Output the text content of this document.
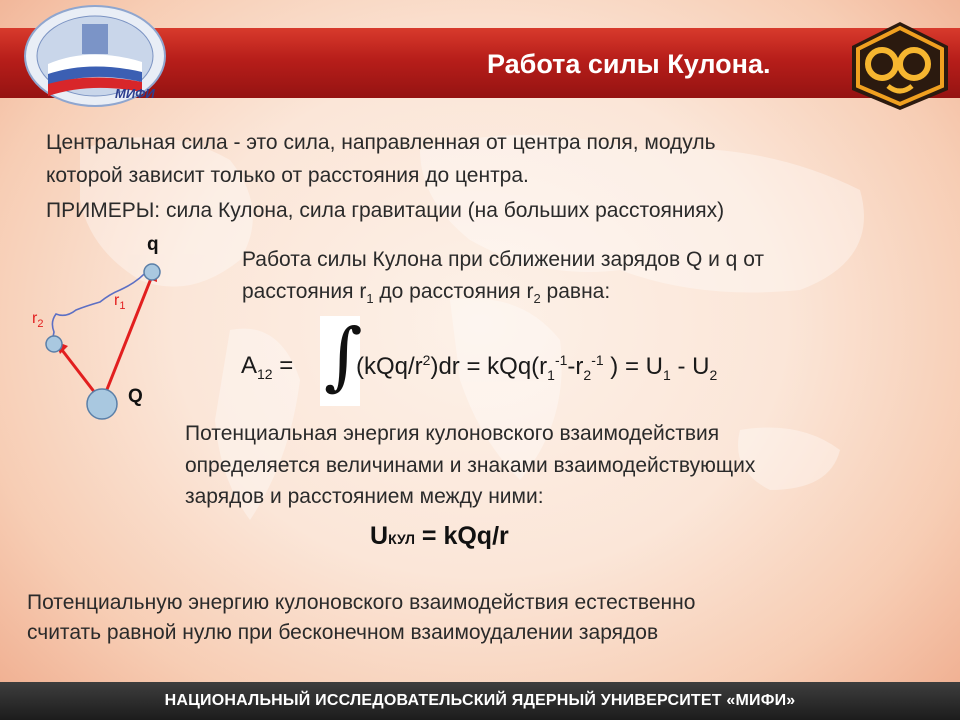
Работа силы Кулона.
МИФИ
Центральная сила - это сила, направленная от центра поля, модуль
которой зависит только от расстояния до центра.
ПРИМЕРЫ: сила Кулона, сила гравитации (на больших расстояниях)
q
Q
$r_1$
$r_2$
Работа силы Кулона при сближении зарядов Q и q от
расстояния $r_1$ до расстояния $r_2$ равна:
$A_{12}$ = ∫
$(kQq/r^2)dr = kQq(r_1^{-1}-r_2^{-1}$ ) = $U_1 - U_2$
Потенциальная энергия кулоновского взаимодействия
определяется величинами и знаками взаимодействующих
зарядов и расстоянием между ними:
UКУЛ = kQq/r
Потенциальную энергию кулоновского взаимодействия естественно
считать равной нулю при бесконечном взаимоудалении зарядов
НАЦИОНАЛЬНЫЙ ИССЛЕДОВАТЕЛЬСКИЙ ЯДЕРНЫЙ УНИВЕРСИТЕТ «МИФИ»
